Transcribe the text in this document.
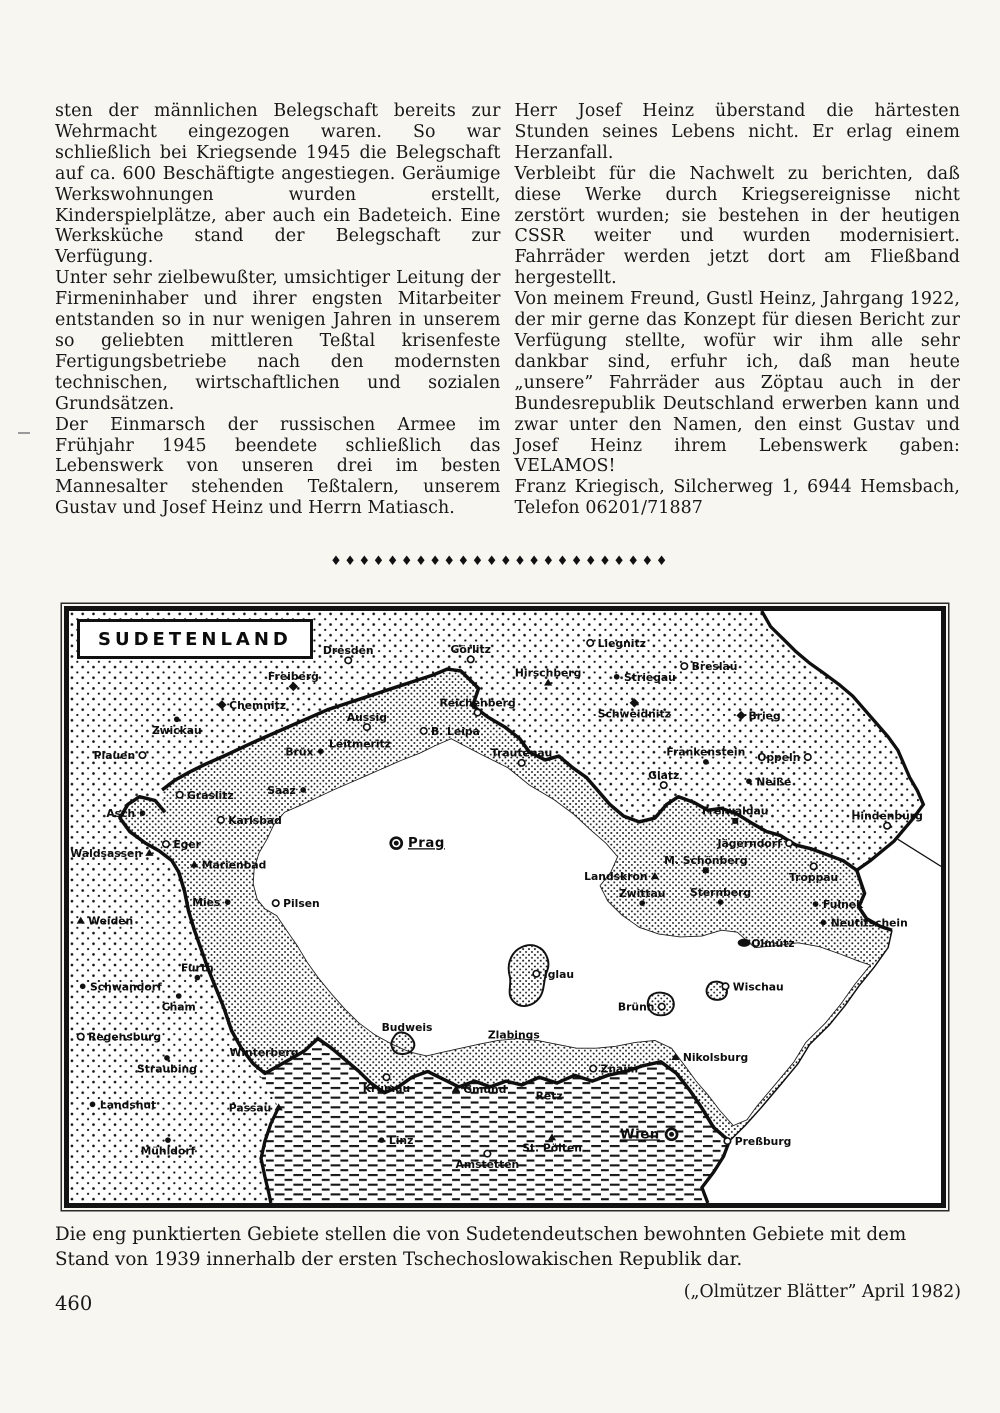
sten der männlichen Belegschaft bereits zur Wehrmacht eingezogen waren. So war schließlich bei Kriegsende 1945 die Belegschaft auf ca. 600 Beschäftigte angestiegen. Geräumige Werkswohnungen wurden erstellt, Kinderspielplätze, aber auch ein Badeteich. Eine Werksküche stand der Belegschaft zur Verfügung.

Unter sehr zielbewußter, umsichtiger Leitung der Firmeninhaber und ihrer engsten Mitarbeiter entstanden so in nur wenigen Jahren in unserem so geliebten mittleren Teßtal krisenfeste Fertigungsbetriebe nach den modernsten technischen, wirtschaftlichen und sozialen Grundsätzen.

Der Einmarsch der russischen Armee im Frühjahr 1945 beendete schließlich das Lebenswerk von unseren drei im besten Mannesalter stehenden Teßtalern, unserem Gustav und Josef Heinz und Herrn Matiasch.

Herr Josef Heinz überstand die härtesten Stunden seines Lebens nicht. Er erlag einem Herzanfall.

Verbleibt für die Nachwelt zu berichten, daß diese Werke durch Kriegsereignisse nicht zerstört wurden; sie bestehen in der heutigen CSSR weiter und wurden modernisiert. Fahrräder werden jetzt dort am Fließband hergestellt.

Von meinem Freund, Gustl Heinz, Jahrgang 1922, der mir gerne das Konzept für diesen Bericht zur Verfügung stellte, wofür wir ihm alle sehr dankbar sind, erfuhr ich, daß man heute „unsere” Fahrräder aus Zöptau auch in der Bundesrepublik Deutschland erwerben kann und zwar unter den Namen, den einst Gustav und Josef Heinz ihrem Lebenswerk gaben: VELAMOS!

Franz Kriegisch, Silcherweg 1, 6944 Hemsbach, Telefon 06201/71887

♦♦♦♦♦♦♦♦♦♦♦♦♦♦♦♦♦♦♦♦♦♦♦♦
SUDETENLAND
Dresden	Görlitz	Liegnitz
Breslau
Brieg
Freiberg
Chemnitz
Zwickau
Plauen
Hirschberg	Striegau
Schweidnitz
Reichenberg
Aussig
B. Leipa
Leitmeritz
Brüx
Saaz
Trautenau	Frankenstein Oppeln
Glatz
Neiße
Freiwaldau	Hindenburg
Graslitz
Karlsbad
Asch
Eger
Waldsassen
Marienbad
Mies	Pilsen
Weiden
Prag	Jägerndorf
M. Schönberg
Landskron	Troppau
Zwittau Sternberg
Fulnek
Neutitschein
Olmütz
Iglau
Wischau
Brünn
Zlabings
Nikolsburg
Znaim
Furth
Schwandorf
Cham
Regensburg
Winterberg
Straubing
Budweis
Landshut	Passau
Krumau	Gmünd
Mühldorf
Linz
Amstetten
Retz
St. Pölten
Wien	Preßburg
Die eng punktierten Gebiete stellen die von Sudetendeutschen bewohnten Gebiete mit dem Stand von 1939 innerhalb der ersten Tschechoslowakischen Republik dar.
(„Olmützer Blätter” April 1982)
460
